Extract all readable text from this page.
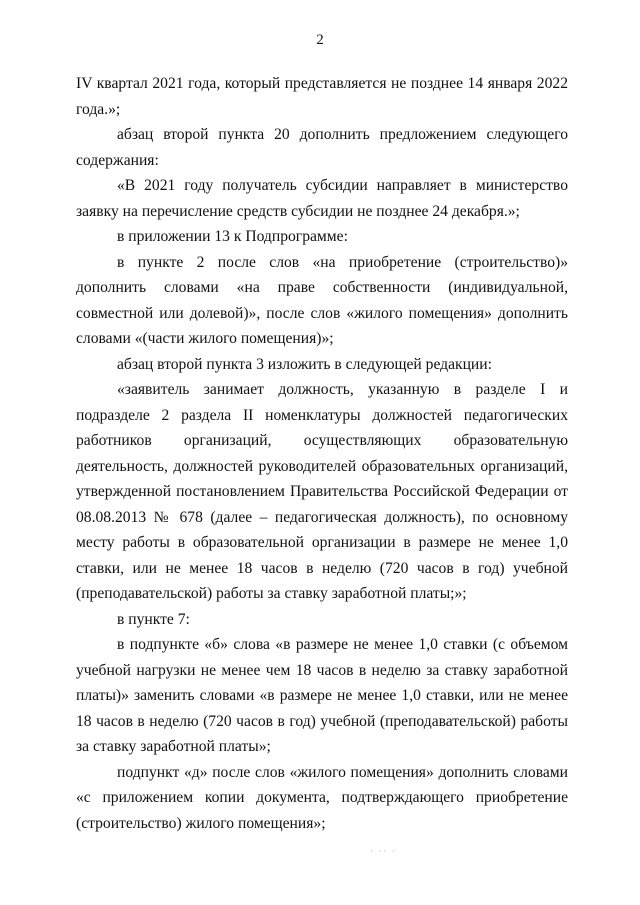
2

IV квартал 2021 года, который представляется не позднее 14 января 2022 года.»;

абзац второй пункта 20 дополнить предложением следующего содержания:

«В 2021 году получатель субсидии направляет в министерство заявку на перечисление средств субсидии не позднее 24 декабря.»;

в приложении 13 к Подпрограмме:

в пункте 2 после слов «на приобретение (строительство)» дополнить словами «на праве собственности (индивидуальной, совместной или долевой)», после слов «жилого помещения» дополнить словами «(части жилого помещения)»;

абзац второй пункта 3 изложить в следующей редакции:

«заявитель занимает должность, указанную в разделе I и подразделе 2 раздела II номенклатуры должностей педагогических работников организаций, осуществляющих образовательную деятельность, должностей руководителей образовательных организаций, утвержденной постановлением Правительства Российской Федерации от 08.08.2013 № 678 (далее – педагогическая должность), по основному месту работы в образовательной организации в размере не менее 1,0 ставки, или не менее 18 часов в неделю (720 часов в год) учебной (преподавательской) работы за ставку заработной платы;»;

в пункте 7:

в подпункте «б» слова «в размере не менее 1,0 ставки (с объемом учебной нагрузки не менее чем 18 часов в неделю за ставку заработной платы)» заменить словами «в размере не менее 1,0 ставки, или не менее 18 часов в неделю (720 часов в год) учебной (преподавательской) работы за ставку заработной платы»;

подпункт «д» после слов «жилого помещения» дополнить словами «с приложением копии документа, подтверждающего приобретение (строительство) жилого помещения»;

· ·· ·
